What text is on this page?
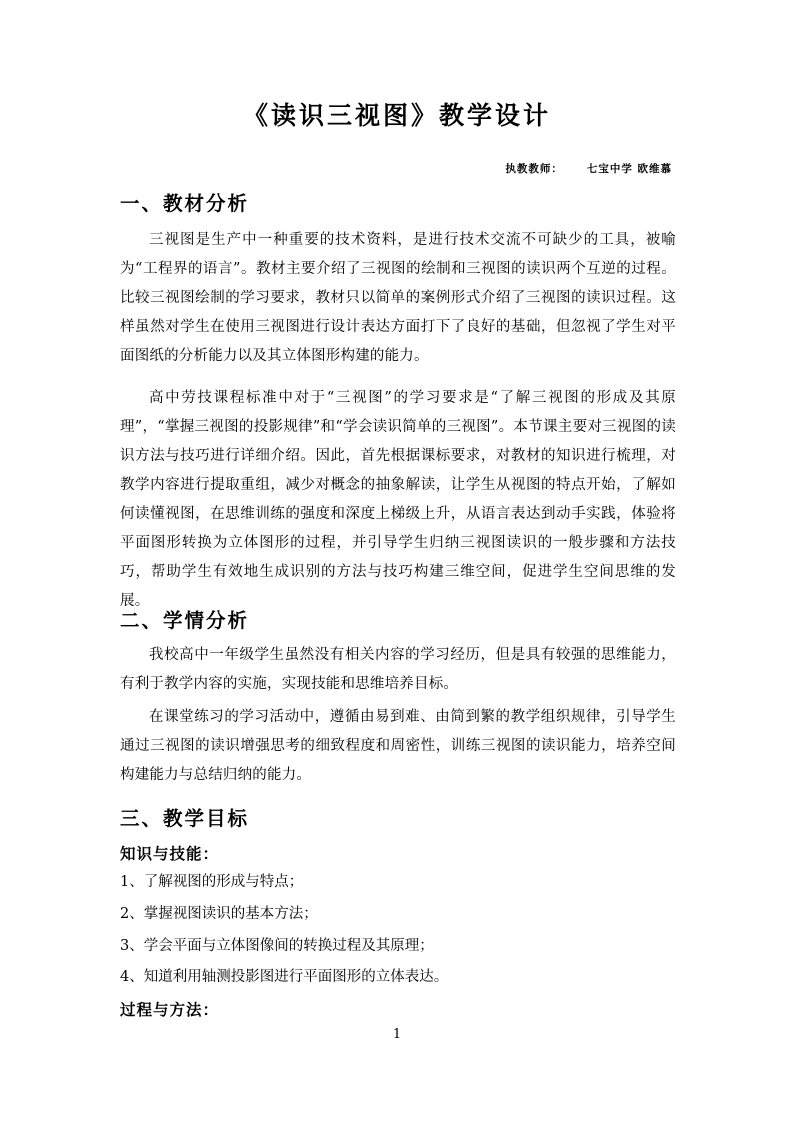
《读识三视图》教学设计
执教教师： 七宝中学 欧维慕
一、教材分析

三视图是生产中一种重要的技术资料，是进行技术交流不可缺少的工具，被喻为“工程界的语言”。教材主要介绍了三视图的绘制和三视图的读识两个互逆的过程。比较三视图绘制的学习要求，教材只以简单的案例形式介绍了三视图的读识过程。这样虽然对学生在使用三视图进行设计表达方面打下了良好的基础，但忽视了学生对平面图纸的分析能力以及其立体图形构建的能力。

高中劳技课程标准中对于“三视图”的学习要求是“了解三视图的形成及其原理”，“掌握三视图的投影规律”和“学会读识简单的三视图”。本节课主要对三视图的读识方法与技巧进行详细介绍。因此，首先根据课标要求，对教材的知识进行梳理，对教学内容进行提取重组，减少对概念的抽象解读，让学生从视图的特点开始，了解如何读懂视图，在思维训练的强度和深度上梯级上升，从语言表达到动手实践，体验将平面图形转换为立体图形的过程，并引导学生归纳三视图读识的一般步骤和方法技巧，帮助学生有效地生成识别的方法与技巧构建三维空间，促进学生空间思维的发展。

二、学情分析

我校高中一年级学生虽然没有相关内容的学习经历，但是具有较强的思维能力，有利于教学内容的实施，实现技能和思维培养目标。

在课堂练习的学习活动中，遵循由易到难、由简到繁的教学组织规律，引导学生通过三视图的读识增强思考的细致程度和周密性，训练三视图的读识能力，培养空间构建能力与总结归纳的能力。

三、教学目标
知识与技能：

1、了解视图的形成与特点；

2、掌握视图读识的基本方法；

3、学会平面与立体图像间的转换过程及其原理；

4、知道利用轴测投影图进行平面图形的立体表达。

过程与方法：
1
